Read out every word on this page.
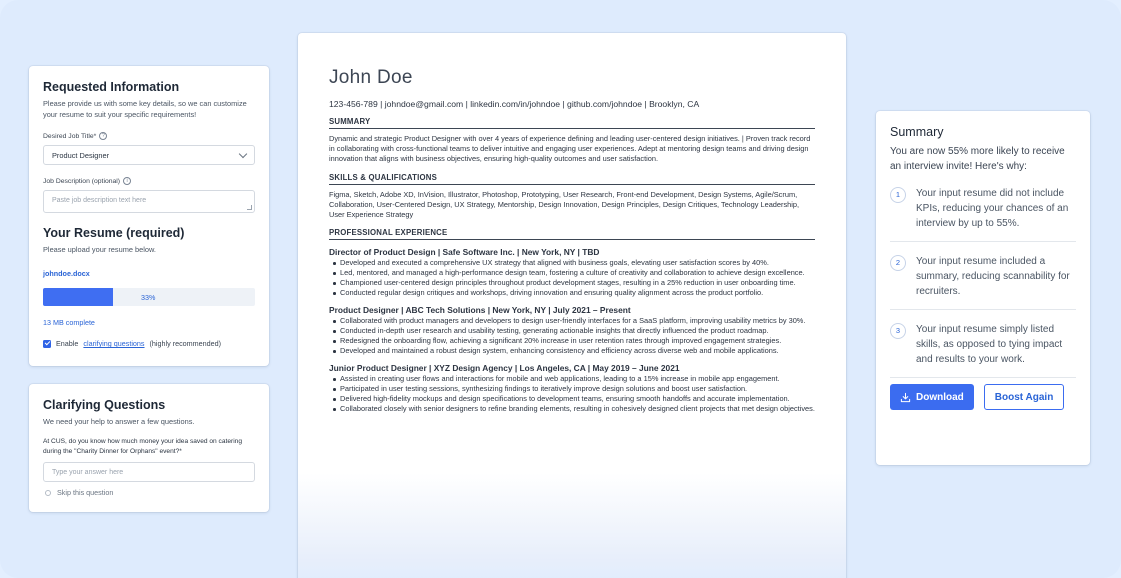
Requested Information
Please provide us with some key details, so we can customize your resume to suit your specific requirements!
Desired Job Title* ?
Product Designer
Job Description (optional)	i
Paste job description text here
Your Resume (required)
Please upload your resume below.
johndoe.docx
33%
13 MB complete
Enable clarifying questions (highly recommended)
Clarifying Questions
We need your help to answer a few questions.
At CUS, do you know how much money your idea saved on catering during the "Charity Dinner for Orphans" event?*
Type your answer here
Skip this question
John Doe
123-456-789 | johndoe@gmail.com | linkedin.com/in/johndoe | github.com/johndoe | Brooklyn, CA
SUMMARY
Dynamic and strategic Product Designer with over 4 years of experience defining and leading user-centered design initiatives. | Proven track record in collaborating with cross-functional teams to deliver intuitive and engaging user experiences. Adept at mentoring design teams and driving design innovation that aligns with business objectives, ensuring high-quality outcomes and user satisfaction.
SKILLS & QUALIFICATIONS
Figma, Sketch, Adobe XD, InVision, Illustrator, Photoshop, Prototyping, User Research, Front-end Development, Design Systems, Agile/Scrum, Collaboration, User-Centered Design, UX Strategy, Mentorship, Design Innovation, Design Principles, Design Critiques, Technology Leadership, User Experience Strategy
PROFESSIONAL EXPERIENCE
Director of Product Design | Safe Software Inc. | New York, NY | TBD
Developed and executed a comprehensive UX strategy that aligned with business goals, elevating user satisfaction scores by 40%.
Led, mentored, and managed a high-performance design team, fostering a culture of creativity and collaboration to achieve design excellence.
Championed user-centered design principles throughout product development stages, resulting in a 25% reduction in user onboarding time.
Conducted regular design critiques and workshops, driving innovation and ensuring quality alignment across the product portfolio.
Product Designer | ABC Tech Solutions | New York, NY | July 2021 – Present
Collaborated with product managers and developers to design user-friendly interfaces for a SaaS platform, improving usability metrics by 30%.
Conducted in-depth user research and usability testing, generating actionable insights that directly influenced the product roadmap.
Redesigned the onboarding flow, achieving a significant 20% increase in user retention rates through improved engagement strategies.
Developed and maintained a robust design system, enhancing consistency and efficiency across diverse web and mobile applications.
Junior Product Designer | XYZ Design Agency | Los Angeles, CA | May 2019 – June 2021
Assisted in creating user flows and interactions for mobile and web applications, leading to a 15% increase in mobile app engagement.
Participated in user testing sessions, synthesizing findings to iteratively improve design solutions and boost user satisfaction.
Delivered high-fidelity mockups and design specifications to development teams, ensuring smooth handoffs and accurate implementation.
Collaborated closely with senior designers to refine branding elements, resulting in cohesively designed client projects that met design objectives.
Summary
You are now 55% more likely to receive an interview invite! Here's why:
1	Your input resume did not include KPIs, reducing your chances of an interview by up to 55%.
2	Your input resume included a summary, reducing scannability for recruiters.
3	Your input resume simply listed skills, as opposed to tying impact and results to your work.
Download	Boost Again
